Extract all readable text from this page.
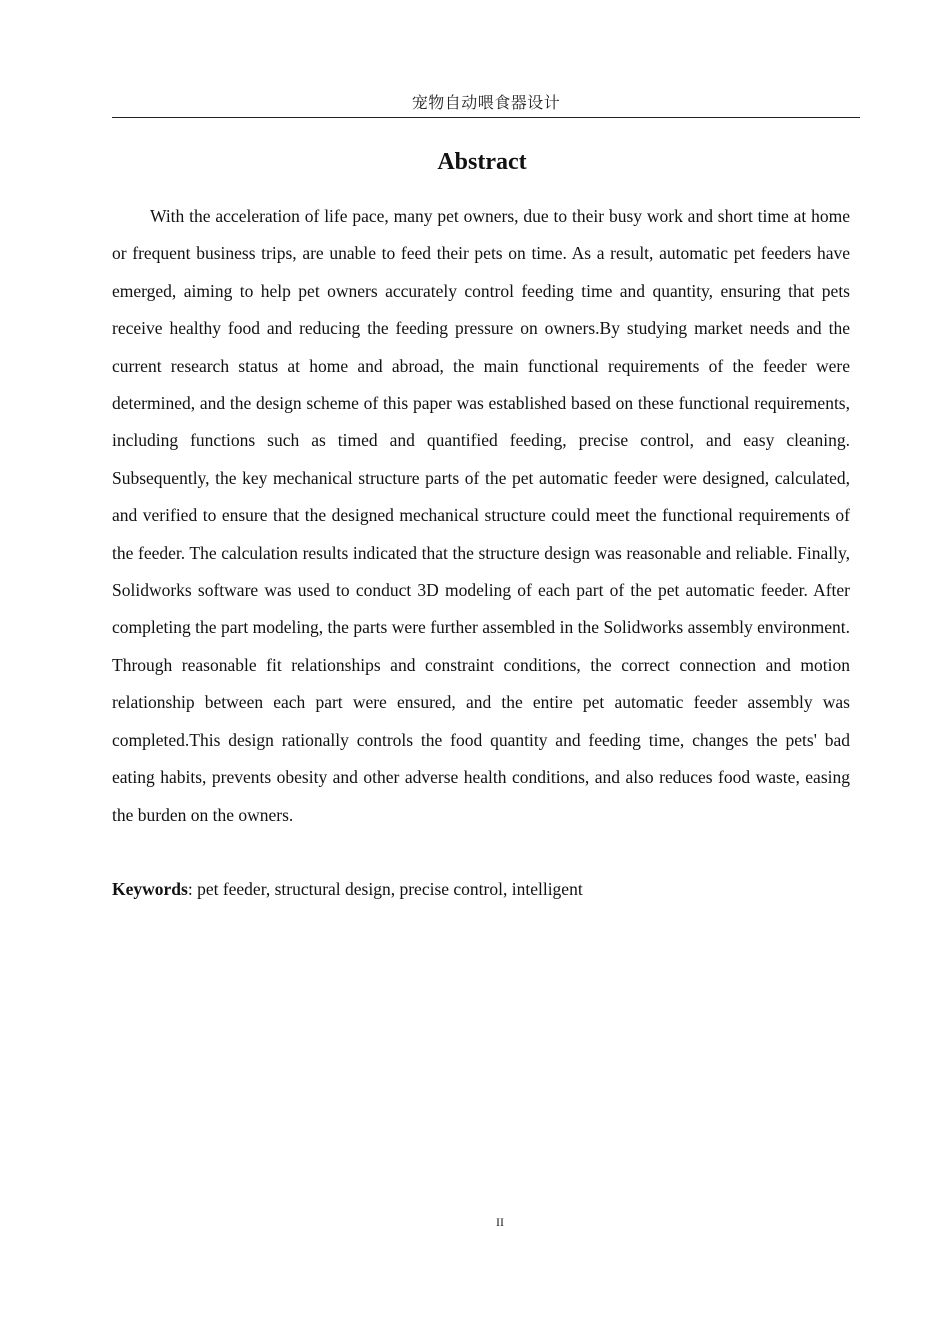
宠物自动喂食器设计
Abstract

With the acceleration of life pace, many pet owners, due to their busy work and short time at home or frequent business trips, are unable to feed their pets on time. As a result, automatic pet feeders have emerged, aiming to help pet owners accurately control feeding time and quantity, ensuring that pets receive healthy food and reducing the feeding pressure on owners.By studying market needs and the current research status at home and abroad, the main functional requirements of the feeder were determined, and the design scheme of this paper was established based on these functional requirements, including functions such as timed and quantified feeding, precise control, and easy cleaning. Subsequently, the key mechanical structure parts of the pet automatic feeder were designed, calculated, and verified to ensure that the designed mechanical structure could meet the functional requirements of the feeder. The calculation results indicated that the structure design was reasonable and reliable. Finally, Solidworks software was used to conduct 3D modeling of each part of the pet automatic feeder. After completing the part modeling, the parts were further assembled in the Solidworks assembly environment. Through reasonable fit relationships and constraint conditions, the correct connection and motion relationship between each part were ensured, and the entire pet automatic feeder assembly was completed.This design rationally controls the food quantity and feeding time, changes the pets' bad eating habits, prevents obesity and other adverse health conditions, and also reduces food waste, easing the burden on the owners.

Keywords: pet feeder, structural design, precise control, intelligent

II
